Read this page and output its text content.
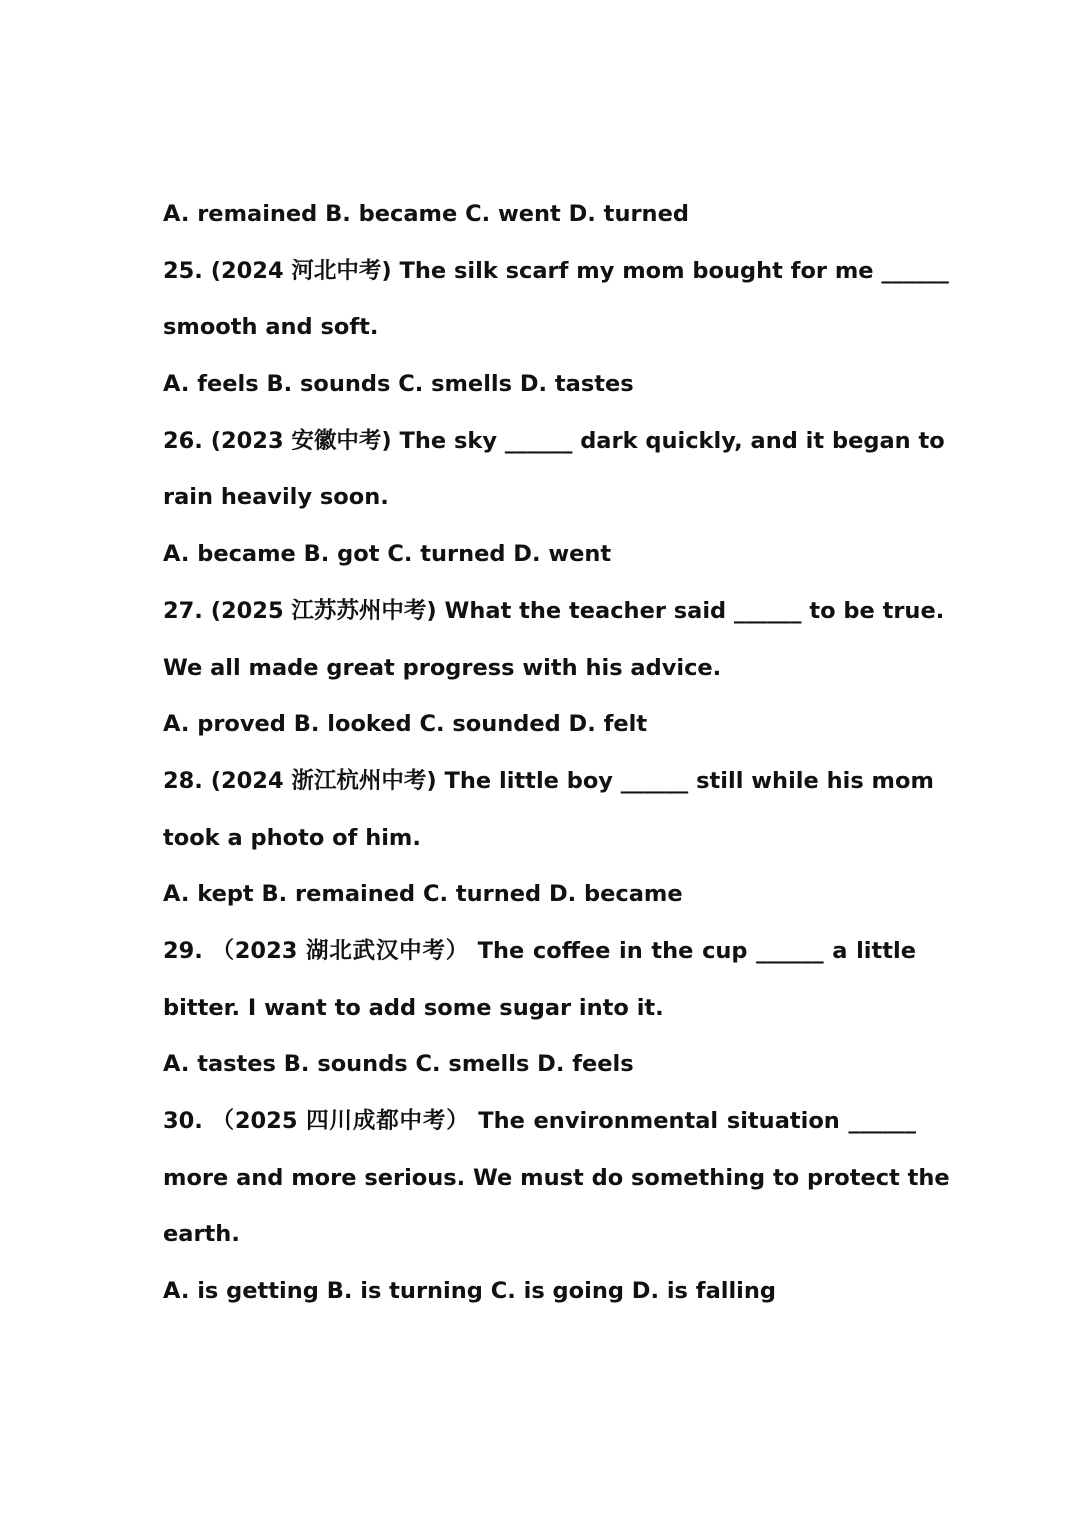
A. remained B. became C. went D. turned
25. (2024 河北中考) The silk scarf my mom bought for me ______
smooth and soft.
A. feels B. sounds C. smells D. tastes
26. (2023 安徽中考) The sky ______ dark quickly, and it began to
rain heavily soon.
A. became B. got C. turned D. went
27. (2025 江苏苏州中考) What the teacher said ______ to be true.
We all made great progress with his advice.
A. proved B. looked C. sounded D. felt
28. (2024 浙江杭州中考) The little boy ______ still while his mom
took a photo of him.
A. kept B. remained C. turned D. became
29. （2023 湖北武汉中考） The coffee in the cup ______ a little
bitter. I want to add some sugar into it.
A. tastes B. sounds C. smells D. feels
30. （2025 四川成都中考） The environmental situation ______
more and more serious. We must do something to protect the
earth.
A. is getting B. is turning C. is going D. is falling
